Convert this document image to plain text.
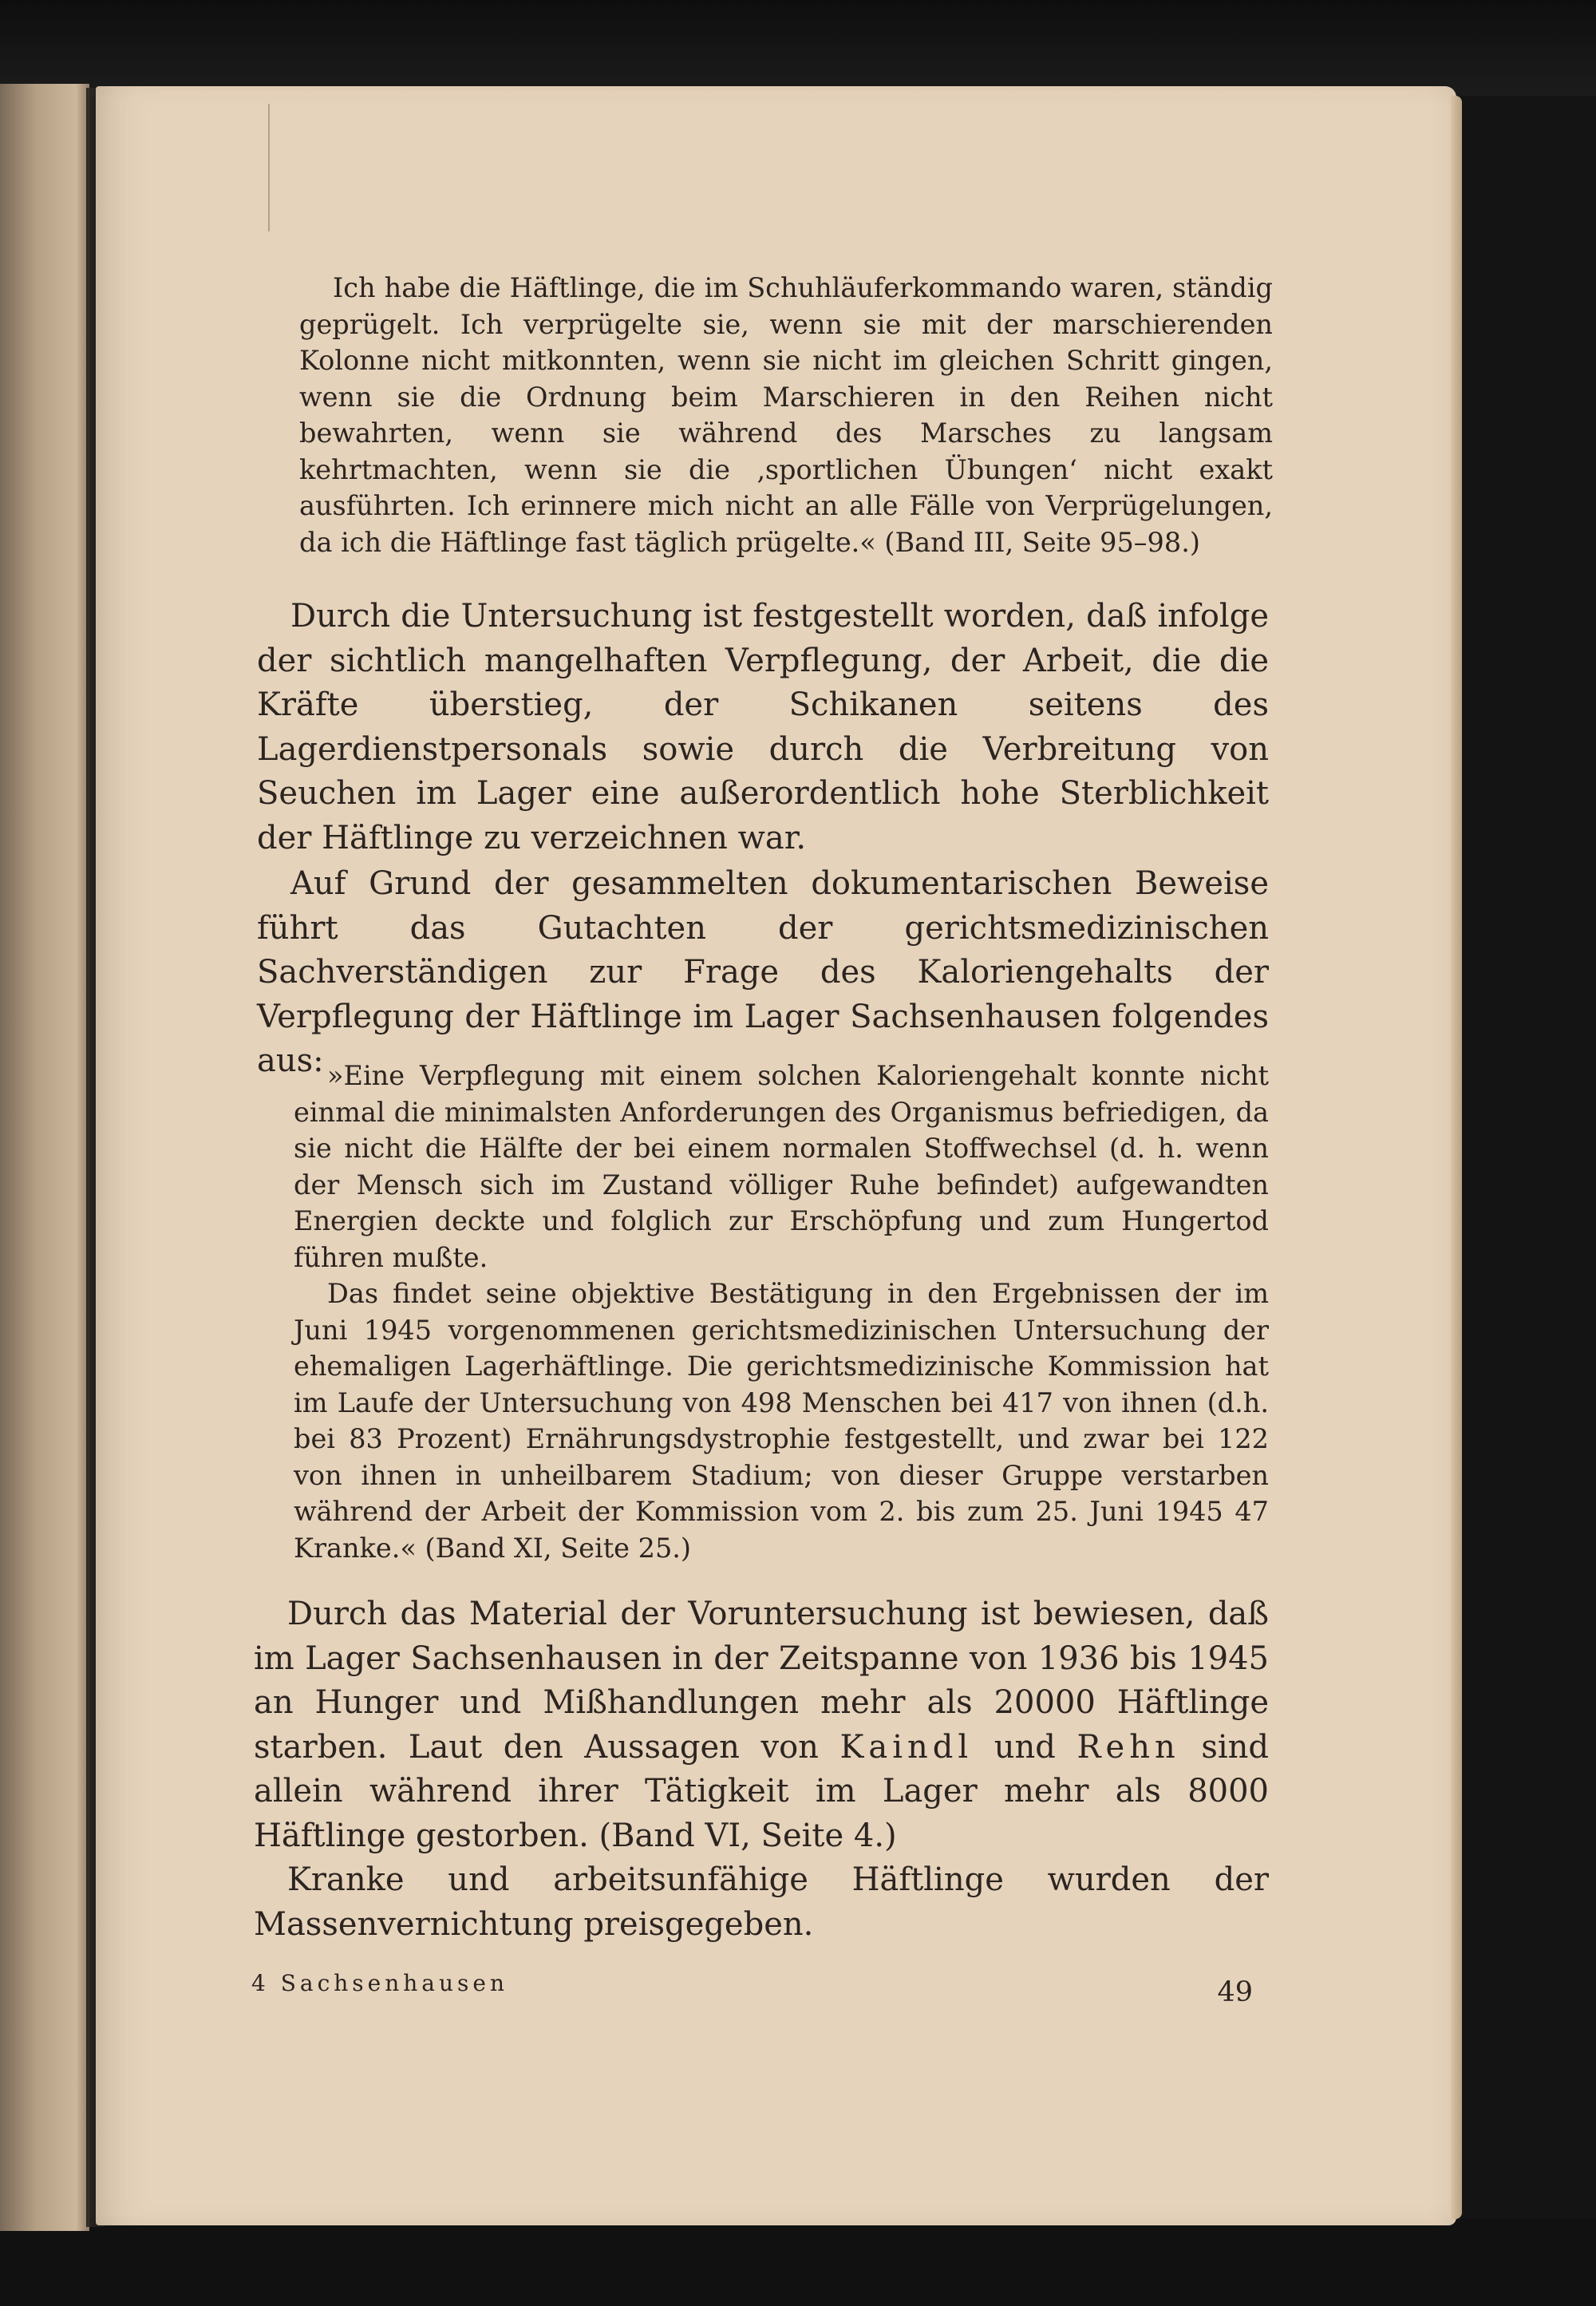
Ich habe die Häftlinge, die im Schuhläuferkommando waren, ständig geprügelt. Ich verprügelte sie, wenn sie mit der marschierenden Kolonne nicht mitkonnten, wenn sie nicht im gleichen Schritt gingen, wenn sie die Ordnung beim Marschieren in den Reihen nicht bewahrten, wenn sie während des Marsches zu langsam kehrtmachten, wenn sie die ‚sportlichen Übungen‘ nicht exakt ausführten. Ich erinnere mich nicht an alle Fälle von Verprügelungen, da ich die Häftlinge fast täglich prügelte.« (Band III, Seite 95–98.)

Durch die Untersuchung ist festgestellt worden, daß infolge der sichtlich mangelhaften Verpflegung, der Arbeit, die die Kräfte überstieg, der Schikanen seitens des Lagerdienstpersonals sowie durch die Verbreitung von Seuchen im Lager eine außerordentlich hohe Sterblichkeit der Häftlinge zu verzeichnen war.

Auf Grund der gesammelten dokumentarischen Beweise führt das Gutachten der gerichtsmedizinischen Sachverständigen zur Frage des Kaloriengehalts der Verpflegung der Häftlinge im Lager Sachsenhausen folgendes aus: »Eine Verpflegung mit einem solchen Kaloriengehalt konnte nicht einmal die minimalsten Anforderungen des Organismus befriedigen, da sie nicht die Hälfte der bei einem normalen Stoffwechsel (d. h. wenn der Mensch sich im Zustand völliger Ruhe befindet) aufgewandten Energien deckte und folglich zur Erschöpfung und zum Hungertod führen mußte.

Das findet seine objektive Bestätigung in den Ergebnissen der im Juni 1945 vorgenommenen gerichtsmedizinischen Untersuchung der ehemaligen Lagerhäftlinge. Die gerichtsmedizinische Kommission hat im Laufe der Untersuchung von 498 Menschen bei 417 von ihnen (d.h. bei 83 Prozent) Ernährungsdystrophie festgestellt, und zwar bei 122 von ihnen in unheilbarem Stadium; von dieser Gruppe verstarben während der Arbeit der Kommission vom 2. bis zum 25. Juni 1945 47 Kranke.« (Band XI, Seite 25.)

Durch das Material der Voruntersuchung ist bewiesen, daß im Lager Sachsenhausen in der Zeitspanne von 1936 bis 1945 an Hunger und Mißhandlungen mehr als 20000 Häftlinge starben. Laut den Aussagen von Kaindl und Rehn sind allein während ihrer Tätigkeit im Lager mehr als 8000 Häftlinge gestorben. (Band VI, Seite 4.)

Kranke und arbeitsunfähige Häftlinge wurden der Massenvernichtung preisgegeben.

4 Sachsenhausen	49
